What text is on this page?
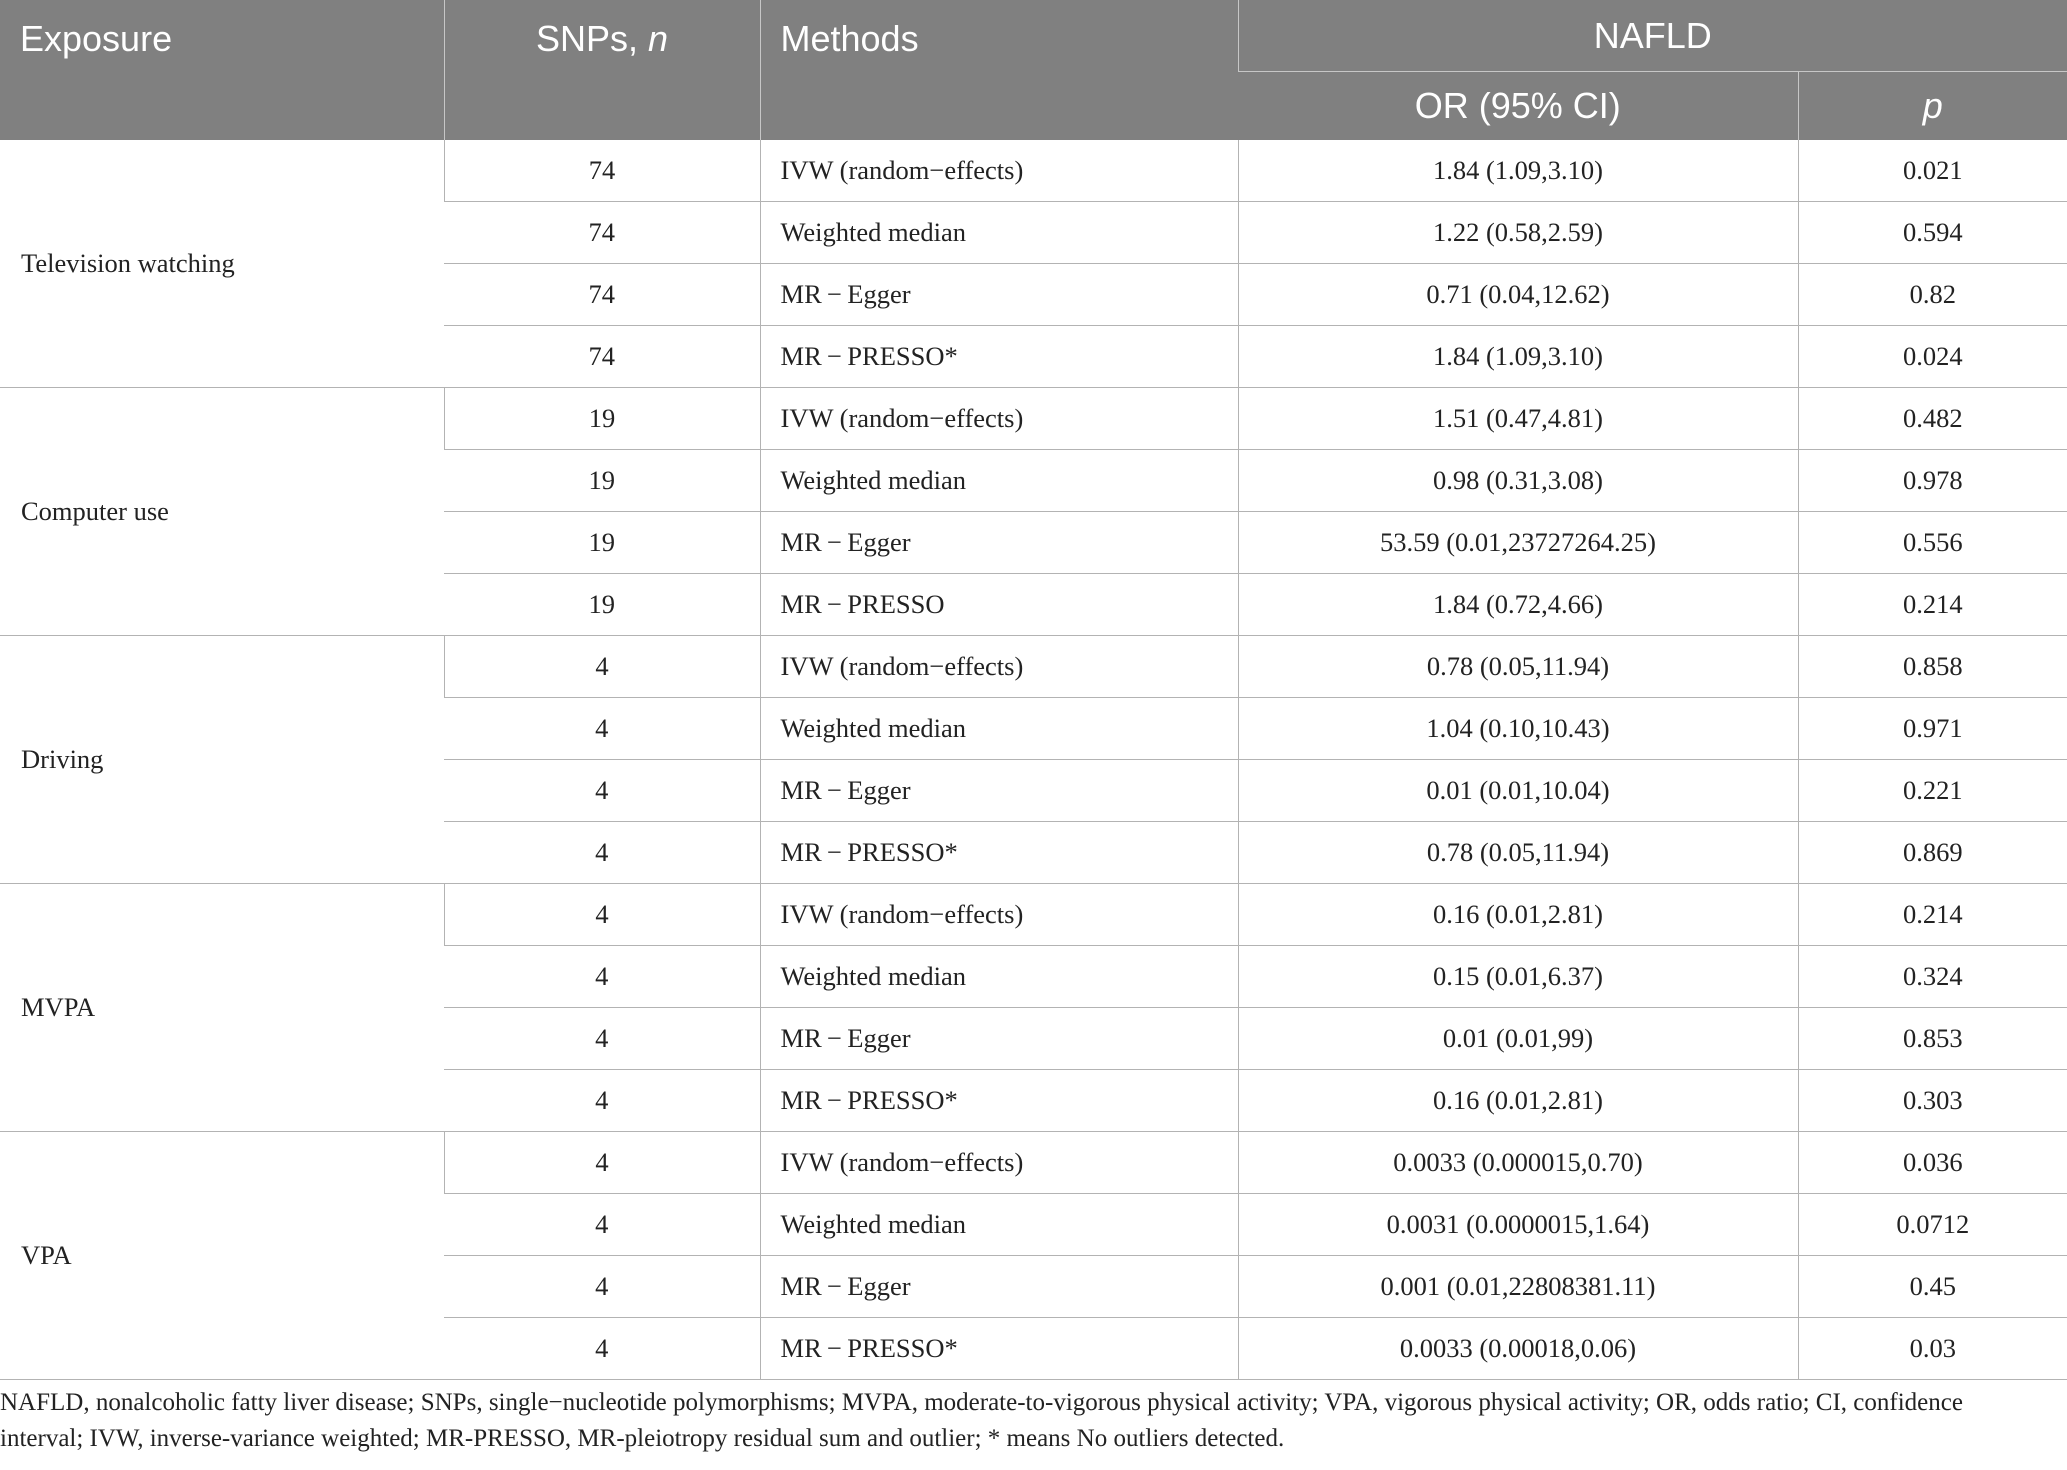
Exposure	SNPs, n	Methods	NAFLD	
			OR (95% CI)	p
Television watching	74	IVW (random−effects)	1.84 (1.09,3.10)	0.021
	74	Weighted median	1.22 (0.58,2.59)	0.594
	74	MR − Egger	0.71 (0.04,12.62)	0.82
	74	MR − PRESSO*	1.84 (1.09,3.10)	0.024
Computer use	19	IVW (random−effects)	1.51 (0.47,4.81)	0.482
	19	Weighted median	0.98 (0.31,3.08)	0.978
	19	MR − Egger	53.59 (0.01,23727264.25)	0.556
	19	MR − PRESSO	1.84 (0.72,4.66)	0.214
Driving	4	IVW (random−effects)	0.78 (0.05,11.94)	0.858
	4	Weighted median	1.04 (0.10,10.43)	0.971
	4	MR − Egger	0.01 (0.01,10.04)	0.221
	4	MR − PRESSO*	0.78 (0.05,11.94)	0.869
MVPA	4	IVW (random−effects)	0.16 (0.01,2.81)	0.214
	4	Weighted median	0.15 (0.01,6.37)	0.324
	4	MR − Egger	0.01 (0.01,99)	0.853
	4	MR − PRESSO*	0.16 (0.01,2.81)	0.303
VPA	4	IVW (random−effects)	0.0033 (0.000015,0.70)	0.036
	4	Weighted median	0.0031 (0.0000015,1.64)	0.0712
	4	MR − Egger	0.001 (0.01,22808381.11)	0.45
	4	MR − PRESSO*	0.0033 (0.00018,0.06)	0.03
NAFLD, nonalcoholic fatty liver disease; SNPs, single−nucleotide polymorphisms; MVPA, moderate-to-vigorous physical activity; VPA, vigorous physical activity; OR, odds ratio; CI, confidence interval; IVW, inverse-variance weighted; MR-PRESSO, MR-pleiotropy residual sum and outlier; * means No outliers detected.
